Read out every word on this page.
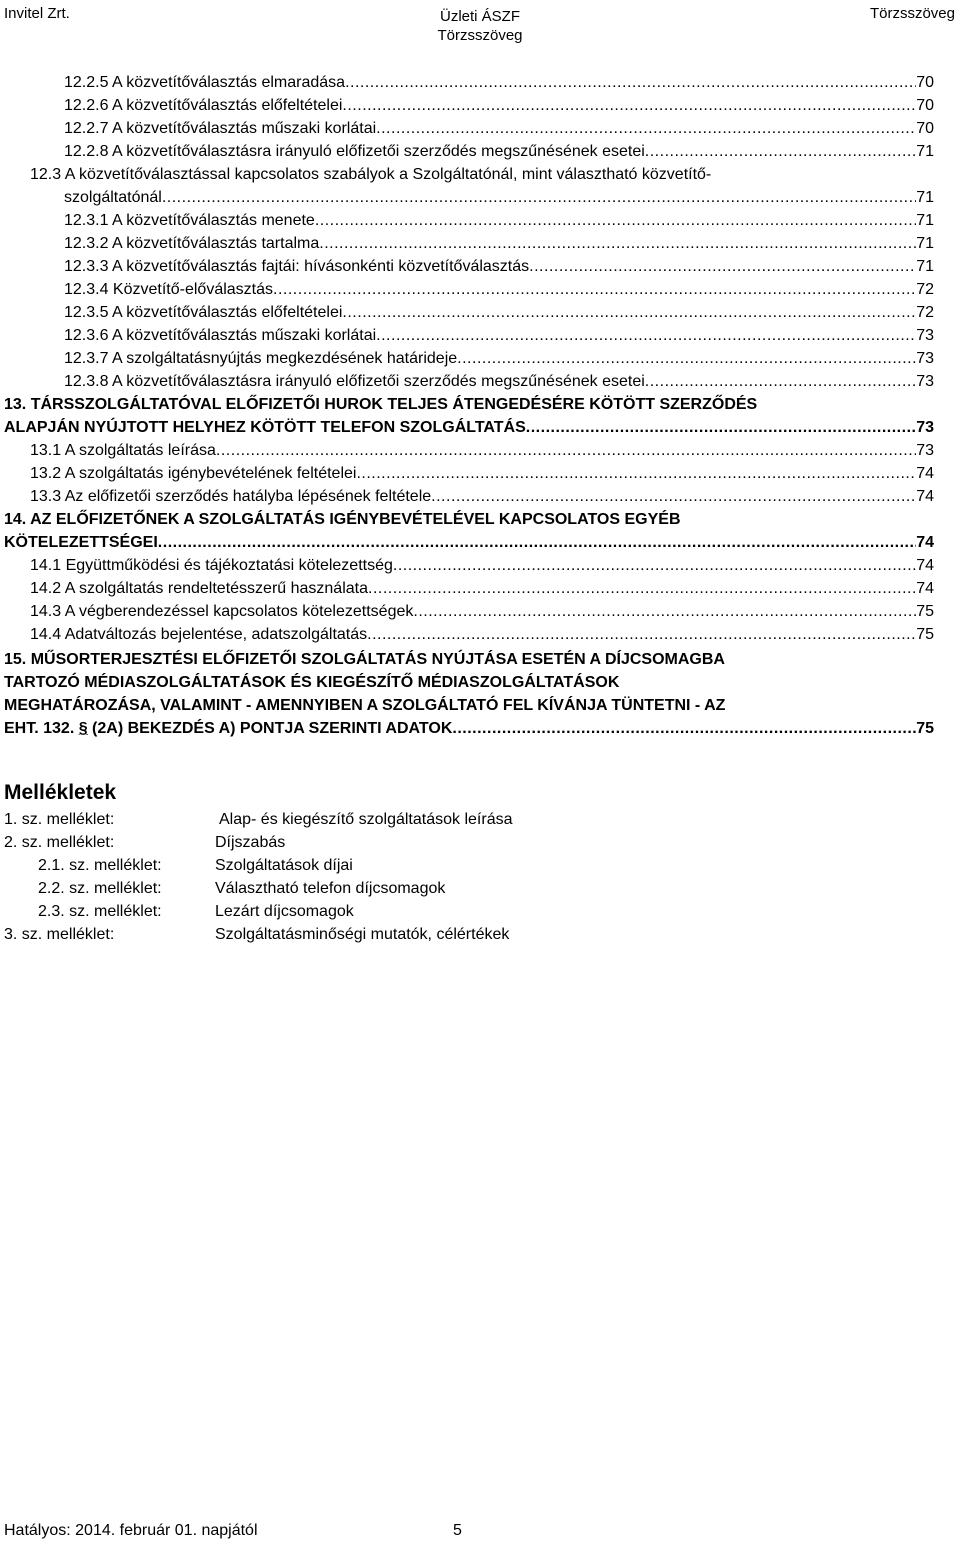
Invitel Zrt.	Üzleti ÁSZF
Törzsszöveg
Törzsszöveg
12.2.5 A közvetítőválasztás elmaradása .....	70
12.2.6 A közvetítőválasztás előfeltételei .....	70
12.2.7 A közvetítőválasztás műszaki korlátai .....	70
12.2.8 A közvetítőválasztásra irányuló előfizetői szerződés megszűnésének esetei .....	71
12.3 A közvetítőválasztással kapcsolatos szabályok a Szolgáltatónál, mint választható közvetítő-
szolgáltatónál .....	71
12.3.1 A közvetítőválasztás menete .....	71
12.3.2 A közvetítőválasztás tartalma .....	71
12.3.3 A közvetítőválasztás fajtái: hívásonkénti közvetítőválasztás .....	71
12.3.4 Közvetítő-előválasztás .....	72
12.3.5 A közvetítőválasztás előfeltételei .....	72
12.3.6 A közvetítőválasztás műszaki korlátai .....	73
12.3.7 A szolgáltatásnyújtás megkezdésének határideje .....	73
12.3.8 A közvetítőválasztásra irányuló előfizetői szerződés megszűnésének esetei .....	73
13. TÁRSSZOLGÁLTATÓVAL ELŐFIZETŐI HUROK TELJES ÁTENGEDÉSÉRE KÖTÖTT SZERZŐDÉS
ALAPJÁN NYÚJTOTT HELYHEZ KÖTÖTT TELEFON SZOLGÁLTATÁS .....	73
13.1 A szolgáltatás leírása .....	73
13.2 A szolgáltatás igénybevételének feltételei .....	74
13.3 Az előfizetői szerződés hatályba lépésének feltétele .....	74
14. AZ ELŐFIZETŐNEK A SZOLGÁLTATÁS IGÉNYBEVÉTELÉVEL KAPCSOLATOS EGYÉB
KÖTELEZETTSÉGEI .....	74
14.1 Együttműködési és tájékoztatási kötelezettség .....	74
14.2 A szolgáltatás rendeltetésszerű használata .....	74
14.3 A végberendezéssel kapcsolatos kötelezettségek .....	75
14.4 Adatváltozás bejelentése, adatszolgáltatás .....	75
15. MŰSORTERJESZTÉSI ELŐFIZETŐI SZOLGÁLTATÁS NYÚJTÁSA ESETÉN A DÍJCSOMAGBA
TARTOZÓ MÉDIASZOLGÁLTATÁSOK ÉS KIEGÉSZÍTŐ MÉDIASZOLGÁLTATÁSOK
MEGHATÁROZÁSA, VALAMINT - AMENNYIBEN A SZOLGÁLTATÓ FEL KÍVÁNJA TÜNTETNI - AZ
EHT. 132. § (2A) BEKEZDÉS A) PONTJA SZERINTI ADATOK .....	75
Mellékletek
1. sz. melléklet:	Alap- és kiegészítő szolgáltatások leírása
2. sz. melléklet:	Díjszabás
2.1. sz. melléklet:	Szolgáltatások díjai
2.2. sz. melléklet:	Választható telefon díjcsomagok
2.3. sz. melléklet:	Lezárt díjcsomagok
3. sz. melléklet:	Szolgáltatásminőségi mutatók, célértékek
Hatályos: 2014. február 01. napjától	5
